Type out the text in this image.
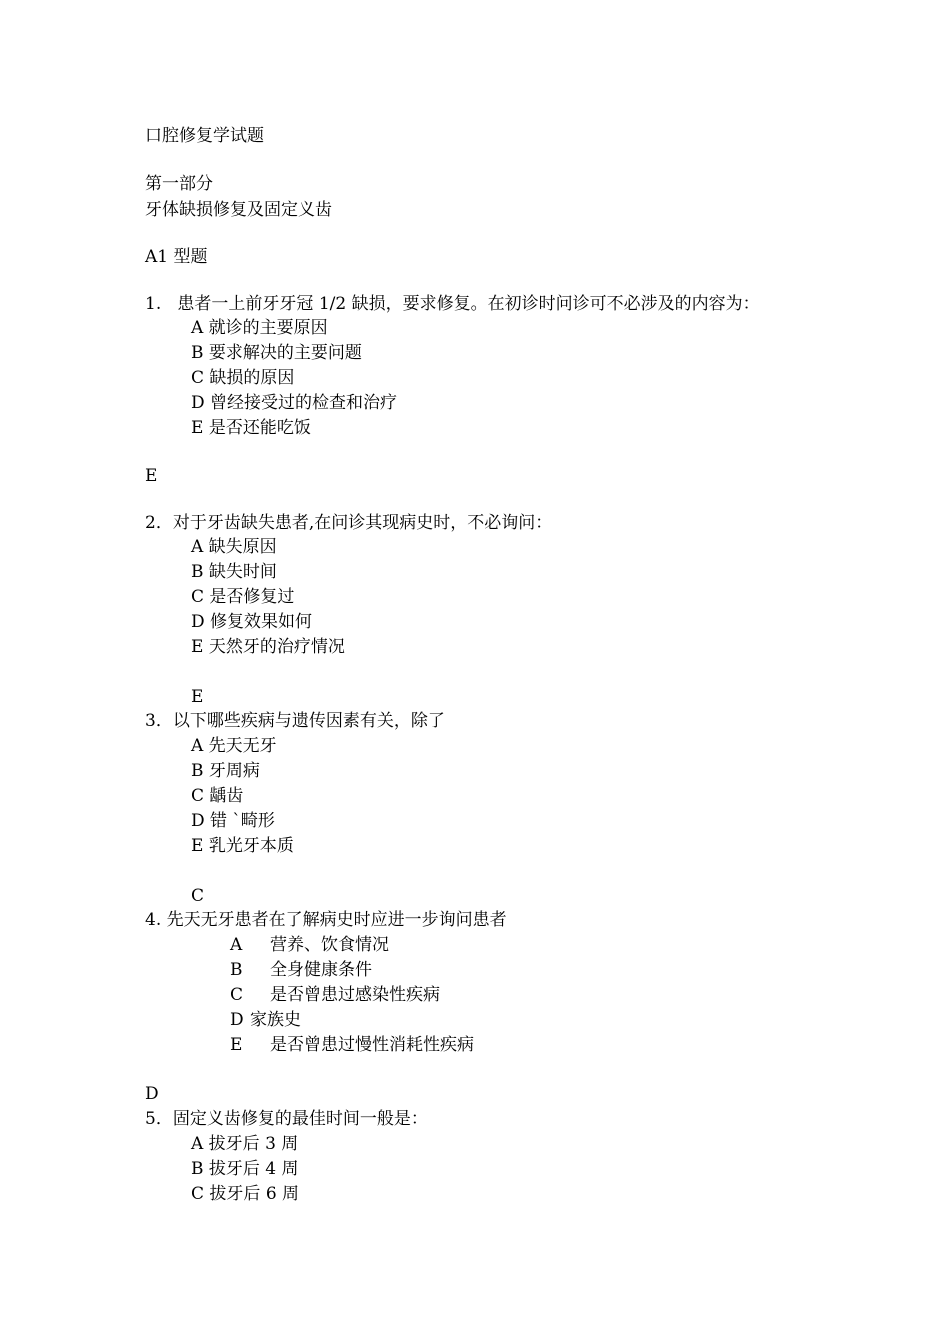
口腔修复学试题
第一部分
牙体缺损修复及固定义齿
A1 型题
1.   患者一上前牙牙冠 1/2 缺损，要求修复。在初诊时问诊可不必涉及的内容为：
A 就诊的主要原因
B 要求解决的主要问题
C 缺损的原因
D 曾经接受过的检查和治疗
E 是否还能吃饭
E
2．对于牙齿缺失患者,在问诊其现病史时，不必询问：
A 缺失原因
B 缺失时间
C 是否修复过
D 修复效果如何
E 天然牙的治疗情况
E
3．以下哪些疾病与遗传因素有关，除了
A 先天无牙
B 牙周病
C 龋齿
D 错 `畸形
E 乳光牙本质
C
4. 先天无牙患者在了解病史时应进一步询问患者
A 营养、饮食情况
B 全身健康条件
C 是否曾患过感染性疾病
D 家族史
E 是否曾患过慢性消耗性疾病
D
5．固定义齿修复的最佳时间一般是：
A 拔牙后 3 周
B 拔牙后 4 周
C 拔牙后 6 周
